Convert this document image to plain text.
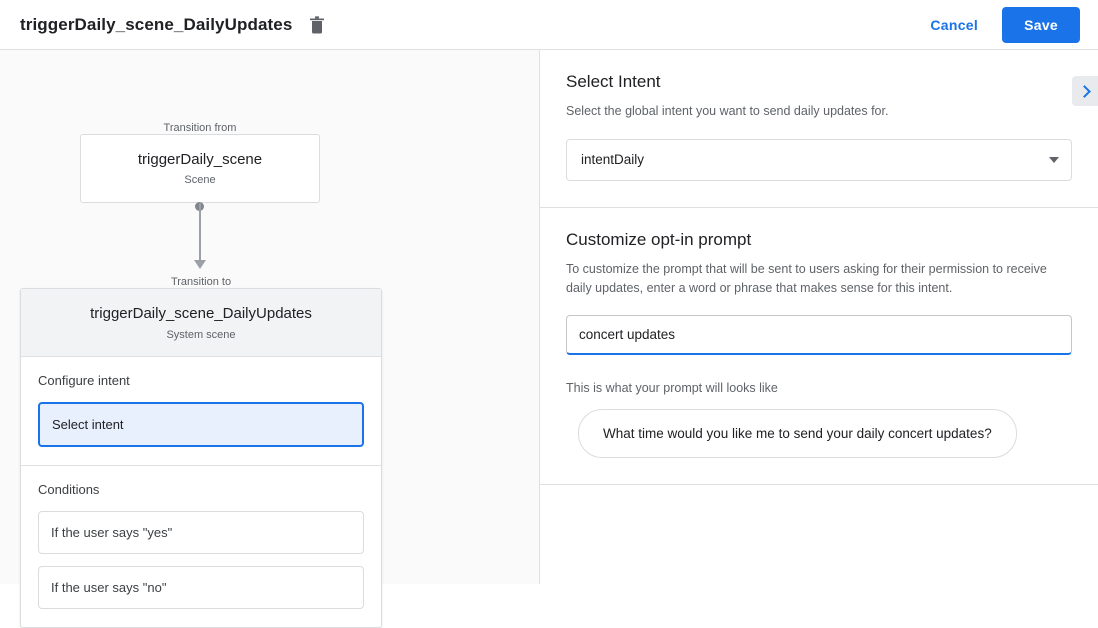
triggerDaily_scene_DailyUpdates	Cancel	Save
Transition from
triggerDaily_scene
Scene
Transition to
triggerDaily_scene_DailyUpdates
System scene
Configure intent
Select intent
Conditions
If the user says "yes"
If the user says "no"
Select Intent

Select the global intent you want to send daily updates for.

intentDaily
Customize opt-in prompt

To customize the prompt that will be sent to users asking for their permission to receive daily updates, enter a word or phrase that makes sense for this intent.

concert updates
This is what your prompt will looks like
What time would you like me to send your daily concert updates?
